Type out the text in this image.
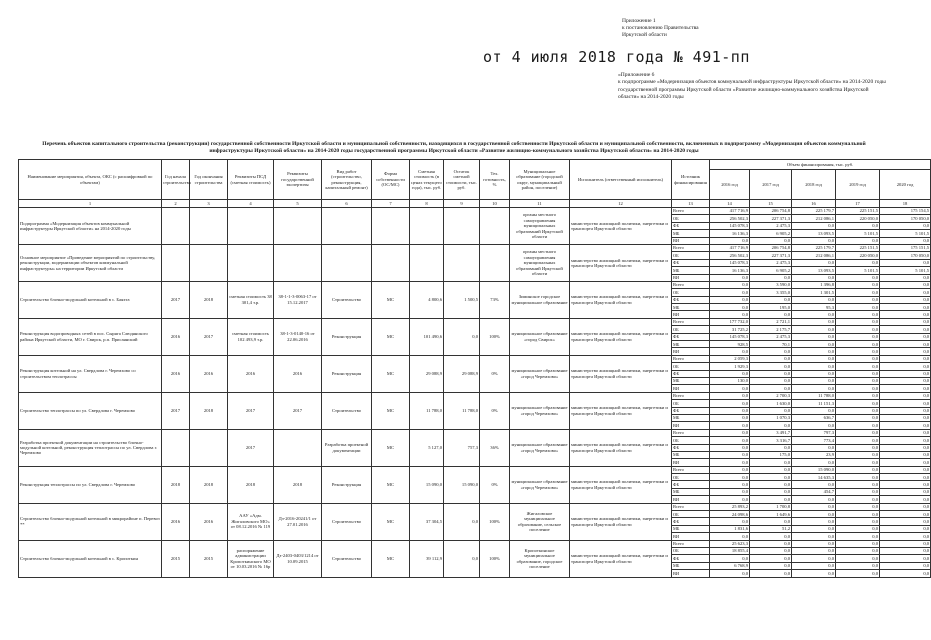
Приложение 1
к постановлению Правительства
Иркутской области
от 4 июля 2018 года № 491-пп
«Приложение 6
к подпрограмме «Модернизация объектов коммунальной инфраструктуры Иркутской области» на 2014-2020 годы государственной программы Иркутской области «Развитие жилищно-коммунального хозяйства Иркутской области» на 2014-2020 годы
Перечень объектов капитального строительства (реконструкции) государственной собственности Иркутской области и муниципальной собственности, находящихся в государственной собственности Иркутской области и муниципальной собственности, включенных в подпрограмму «Модернизация объектов коммунальной инфраструктуры Иркутской области» на 2014-2020 годы государственной программы Иркутской области «Развитие жилищно-коммунального хозяйства Иркутской области» на 2014-2020 годы
Наименование мероприятия, объекта, ОКС (с расшифровкой по объектам)	Год начала строительства	Год окончания строительства	Реквизиты ПСД (сметная стоимость)	Реквизиты государственной экспертизы	Вид работ (строительство, реконструкция, капитальный ремонт)	Форма собственности (ОС/МС)	Сметная стоимость (в ценах текущего года), тыс. руб.	Остаток сметной стоимости, тыс. руб.	Тех. готовность, %	Муниципальное образование (городской округ, муниципальный район, поселение)	Исполнитель (ответственный исполнитель)	Источник финансирования	Объем финансирования, тыс. руб.				
													2016 год	2017 год	2018 год	2019 год	2020 год
1	2	3	4	5	6	7	8	9	10	11	12	13	14	15	16	17	18
Подпрограмма «Модернизация объектов коммунальной инфраструктуры Иркутской области» на 2014-2020 годы										органы местного самоуправления муниципальных образований Иркутской области	министерство жилищной политики, энергетики и транспорта Иркутской области	Всего	417 716,9	206 754,8	225 179,7	225 151,5	175 154,5
												ОБ	256 502,3	227 371,3	212 086,1	220 050,0	170 050,0
												ФБ	145 078,3	2 475,3	0,0	0,0	0,0
												МБ	16 136,3	6 905,2	13 093,5	5 101,5	5 101,5
												ВИ	0,0	0,0	0,0	0,0	0,0
Основное мероприятие «Проведение мероприятий по строительству, реконструкции, модернизации объектов коммунальной инфраструктуры» на территории Иркутской области										органы местного самоуправления муниципальных образований Иркутской области	министерство жилищной политики, энергетики и транспорта Иркутской области	Всего	417 716,9	206 754,8	225 179,7	225 151,5	175 151,5
												ОБ	256 502,3	227 371,3	212 086,1	220 050,0	170 050,0
												ФБ	145 078,3	2 475,3	0,0	0,0	0,0
												МБ	16 136,3	6 905,2	13 093,5	5 101,5	5 101,5
												ВИ	0,0	0,0	0,0	0,0	0,0
Строительство блочно-модульной котельной в с. Баяхта	2017	2018	сметная стоимость 38 301,4 т.р.	38-1-1-3-0063-17 от 15.12.2017	Строительство	МС	4 800,6	1 500,5	73%	Зиминское городское муниципальное образование	министерство жилищной политики, энергетики и транспорта Иркутской области	Всего	0,0	3 590,0	1 396,8	0,0	0,0
												ОБ	0,0	3 355,0	1 301,5	0,0	0,0
												ФБ	0,0	0,0	0,0	0,0	0,0
												МБ	0,0	195,0	95,3	0,0	0,0
												ВИ	0,0	0,0	0,0	0,0	0,0
Реконструкция водопроводных сетей в пос. Сыряга Слюдянского района Иркутской области, МО г. Свирск, р.п. Присаянский	2016	2017	сметная стоимость 102 493,9 т.р.	38-1-3-0140-16 от 22.06.2016	Реконструкция	МС	101 490,6	0,0	100%	муниципальное образование «город Свирск»	министерство жилищной политики, энергетики и транспорта Иркутской области	Всего	177 732,0	2 721,1	0,0	0,0	0,0
												ОБ	31 725,2	2 175,7	0,0	0,0	0,0
												ФБ	145 078,3	2 475,3	0,0	0,0	0,0
												МБ	928,5	70,1	0,0	0,0	0,0
												ВИ	0,0	0,0	0,0	0,0	0,0
Реконструкция котельной на ул. Свердлова г. Черемхово со строительством теплотрассы	2016	2016	2016	2016	Реконструкция	МС	29 088,9	29 088,9	0%	муниципальное образование «город Черемхово»	министерство жилищной политики, энергетики и транспорта Иркутской области	Всего	2 059,3	0,0	0,0	0,0	0,0
												ОБ	1 929,3	0,0	0,0	0,0	0,0
												ФБ	0,0	0,0	0,0	0,0	0,0
												МБ	130,0	0,0	0,0	0,0	0,0
												ВИ	0,0	0,0	0,0	0,0	0,0
Строительство теплотрассы по ул. Свердлова г. Черемхово	2017	2018	2017	2017	Строительство	МС	11 788,0	11 788,0	0%	муниципальное образование «город Черемхово»	министерство жилищной политики, энергетики и транспорта Иркутской области	Всего	0,0	2 700,3	11 788,0	0,0	0,0
												ОБ	0,0	1 630,0	11 151,3	0,0	0,0
												ФБ	0,0	0,0	0,0	0,0	0,0
												МБ	0,0	1 070,3	636,7	0,0	0,0
												ВИ	0,0	0,0	0,0	0,0	0,0
Разработка проектной документации на строительство блочно-модульной котельной, реконструкция теплотрассы по ул. Свердлова г. Черемхово			2017		Разработка проектной документации	МС	5 127,0	757,3	36%	муниципальное образование «город Черемхово»	министерство жилищной политики, энергетики и транспорта Иркутской области	Всего	0,0	3 491,7	797,3	0,0	0,0
												ОБ	0,0	3 316,7	773,4	0,0	0,0
												ФБ	0,0	0,0	0,0	0,0	0,0
												МБ	0,0	175,0	23,9	0,0	0,0
												ВИ	0,0	0,0	0,0	0,0	0,0
Реконструкция теплотрассы по ул. Свердлова г. Черемхово	2018	2018	2018	2018	Реконструкция	МС	15 090,0	15 090,0	0%	муниципальное образование «город Черемхово»	министерство жилищной политики, энергетики и транспорта Иркутской области	Всего	0,0	0,0	15 090,0	0,0	0,0
												ОБ	0,0	0,0	14 635,3	0,0	0,0
												ФБ	0,0	0,0	0,0	0,0	0,0
												МБ	0,0	0,0	454,7	0,0	0,0
												ВИ	0,0	0,0	0,0	0,0	0,0
Строительство блочно-модульной котельной в микрорайоне п. Перевоз **	2016	2016	ААУ «Адм. Жигаловского МО» от 08.12.2016 № 119	Дз-2016-20241/1 от 27.01.2016	Строительство	МС	37 304,5	0,0	100%	Жигаловское муниципальное образование, сельское поселение	министерство жилищной политики, энергетики и транспорта Иркутской области	Всего	25 893,2	1 700,8	0,0	0,0	0,0
												ОБ	24 098,6	1 649,6	0,0	0,0	0,0
												ФБ	0,0	0,0	0,0	0,0	0,0
												МБ	1 831,6	51,2	0,0	0,0	0,0
												ВИ	0,0	0,0	0,0	0,0	0,0
Строительство блочно-модульной котельной в с. Кропоткин	2015	2015	распоряжение администрации Кропоткинского МО от 10.03.2016 № 16р	Дз-2403-0403/1214 от 10.09.2015	Строительство	МС	39 112,9	0,0	100%	Кропоткинское муниципальное образование, городское поселение	министерство жилищной политики, энергетики и транспорта Иркутской области	Всего	25 623,3	0,0	0,0	0,0	0,0
												ОБ	18 855,4	0,0	0,0	0,0	0,0
												ФБ	0,0	0,0	0,0	0,0	0,0
												МБ	6 768,9	0,0	0,0	0,0	0,0
												ВИ	0,0	0,0	0,0	0,0	0,0
